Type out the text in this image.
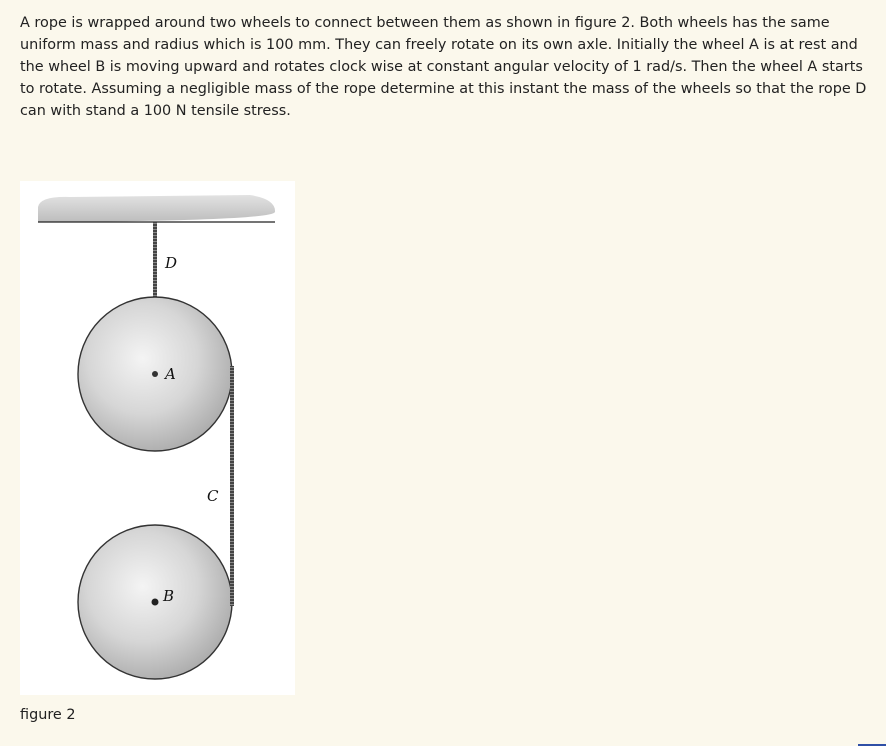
A rope is wrapped around two wheels to connect between them as shown in figure 2. Both wheels has the same uniform mass and radius which is 100 mm. They can freely rotate on its own axle. Initially the wheel A is at rest and the wheel B is moving upward and rotates clock wise at constant angular velocity of 1 rad/s. Then the wheel A starts to rotate. Assuming a negligible mass of the rope determine at this instant the mass of the wheels so that the rope D can with stand a 100 N tensile stress.

D
A
C
B

figure 2
